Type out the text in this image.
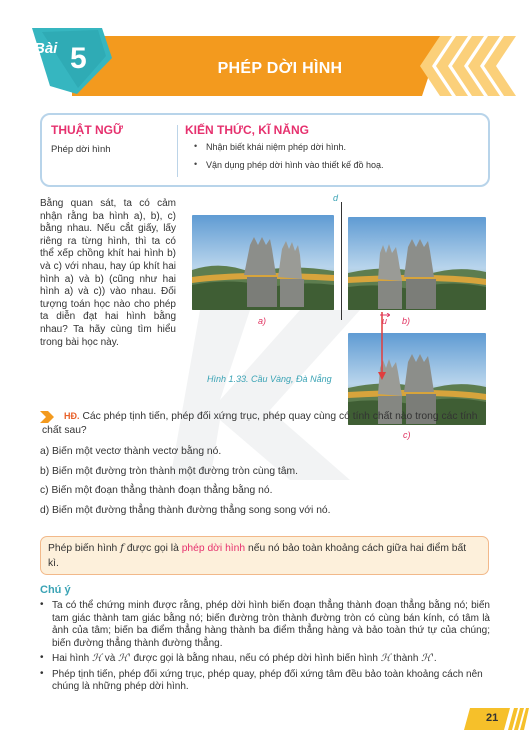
Bài 5	PHÉP DỜI HÌNH
THUẬT NGỮ
Phép dời hình
KIẾN THỨC, KĨ NĂNG
• Nhận biết khái niệm phép dời hình.
• Vận dụng phép dời hình vào thiết kế đồ hoạ.
Bằng quan sát, ta có cảm nhận rằng ba hình a), b), c) bằng nhau. Nếu cắt giấy, lấy riêng ra từng hình, thì ta có thể xếp chồng khít hai hình b) và c) với nhau, hay úp khít hai hình a) và b) (cũng như hai hình a) và c)) vào nhau. Đối tượng toán học nào cho phép ta diễn đạt hai hình bằng nhau? Ta hãy cùng tìm hiểu trong bài học này.
d
u
a)	b)
c)
Hình 1.33. Cầu Vàng, Đà Nẵng
HĐ. Các phép tịnh tiến, phép đối xứng trục, phép quay cùng có tính chất nào trong các tính chất sau?
a) Biến một vectơ thành vectơ bằng nó.
b) Biến một đường tròn thành một đường tròn cùng tâm.
c) Biến một đoạn thẳng thành đoạn thẳng bằng nó.
d) Biến một đường thẳng thành đường thẳng song song với nó.
Phép biến hình f được gọi là phép dời hình nếu nó bảo toàn khoảng cách giữa hai điểm bất kì.
Chú ý
• Ta có thể chứng minh được rằng, phép dời hình biến đoạn thẳng thành đoạn thẳng bằng nó; biến tam giác thành tam giác bằng nó; biến đường tròn thành đường tròn có cùng bán kính, có tâm là ảnh của tâm; biến ba điểm thẳng hàng thành ba điểm thẳng hàng và bảo toàn thứ tự của chúng; biến đường thẳng thành đường thẳng.
• Hai hình ℋ và ℋ' được gọi là bằng nhau, nếu có phép dời hình biến hình ℋ thành ℋ'.
• Phép tịnh tiến, phép đối xứng trục, phép quay, phép đối xứng tâm đều bảo toàn khoảng cách nên chúng là những phép dời hình.
21
